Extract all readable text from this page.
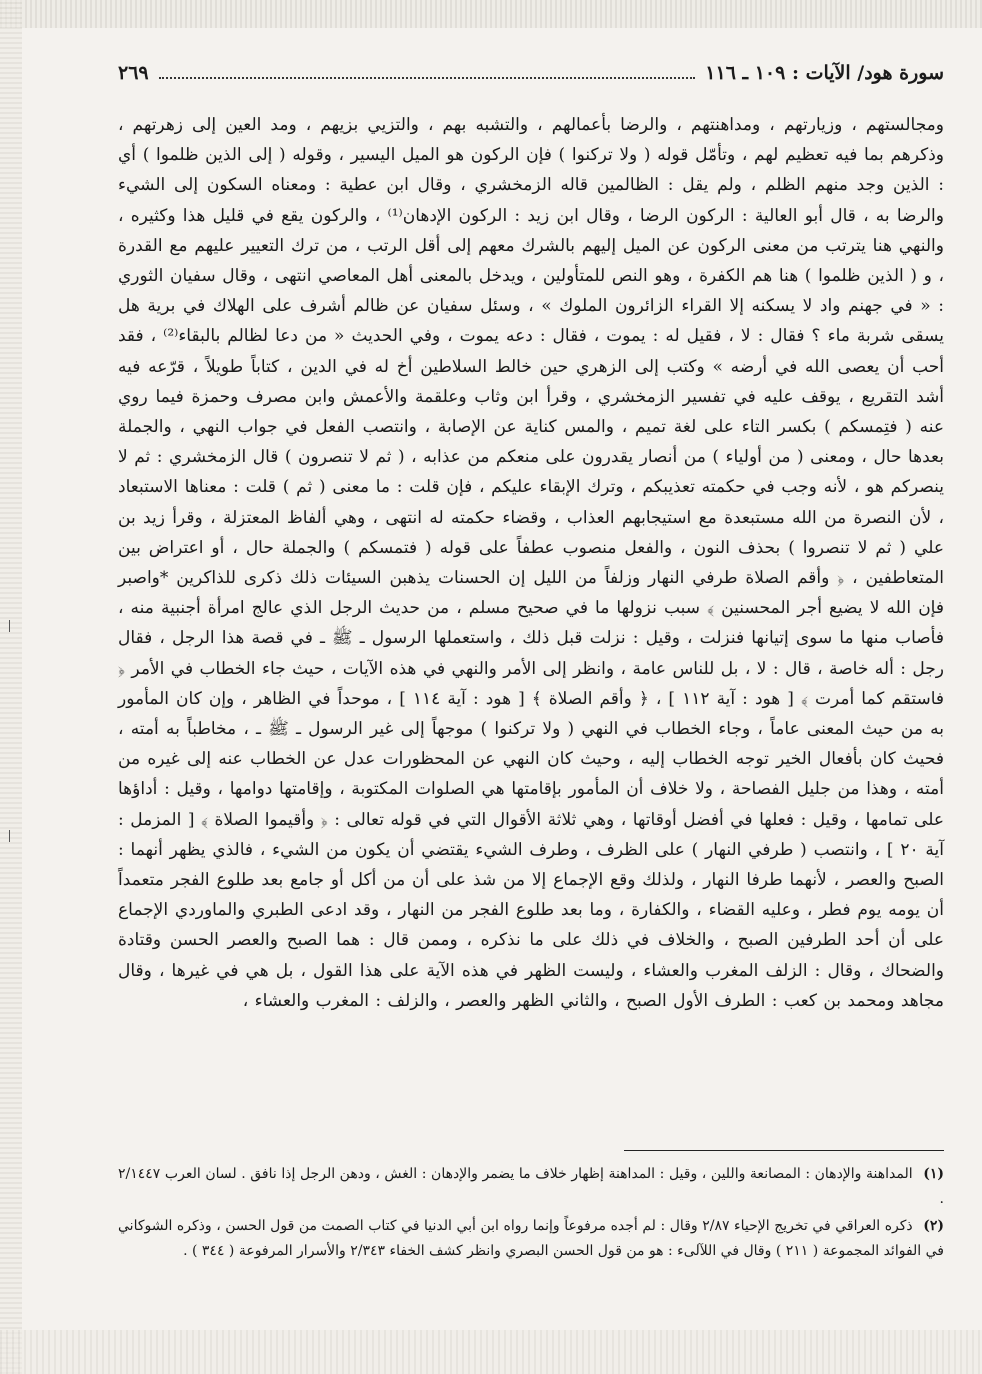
سورة هود/ الآيات : ١٠٩ ـ ١١٦
٢٦٩

ومجالستهم ، وزيارتهم ، ومداهنتهم ، والرضا بأعمالهم ، والتشبه بهم ، والتزيي بزيهم ، ومد العين إلى زهرتهم ، وذكرهم بما فيه تعظيم لهم ، وتأمّل قوله ( ولا تركنوا ) فإن الركون هو الميل اليسير ، وقوله ( إلى الذين ظلموا ) أي : الذين وجد منهم الظلم ، ولم يقل : الظالمين قاله الزمخشري ، وقال ابن عطية : ومعناه السكون إلى الشيء والرضا به ، قال أبو العالية : الركون الرضا ، وقال ابن زيد : الركون الإدهان⁽¹⁾ ، والركون يقع في قليل هذا وكثيره ، والنهي هنا يترتب من معنى الركون عن الميل إليهم بالشرك معهم إلى أقل الرتب ، من ترك التعيير عليهم مع القدرة ، و ( الذين ظلموا ) هنا هم الكفرة ، وهو النص للمتأولين ، ويدخل بالمعنى أهل المعاصي انتهى ، وقال سفيان الثوري : « في جهنم واد لا يسكنه إلا القراء الزائرون الملوك » ، وسئل سفيان عن ظالم أشرف على الهلاك في برية هل يسقى شربة ماء ؟ فقال : لا ، فقيل له : يموت ، فقال : دعه يموت ، وفي الحديث « من دعا لظالم بالبقاء⁽²⁾ ، فقد أحب أن يعصى الله في أرضه » وكتب إلى الزهري حين خالط السلاطين أخ له في الدين ، كتاباً طويلاً ، قرّعه فيه أشد التقريع ، يوقف عليه في تفسير الزمخشري ، وقرأ ابن وثاب وعلقمة والأعمش وابن مصرف وحمزة فيما روي عنه ( فتِمسكم ) بكسر التاء على لغة تميم ، والمس كناية عن الإصابة ، وانتصب الفعل في جواب النهي ، والجملة بعدها حال ، ومعنى ( من أولياء ) من أنصار يقدرون على منعكم من عذابه ، ( ثم لا تنصرون ) قال الزمخشري : ثم لا ينصركم هو ، لأنه وجب في حكمته تعذيبكم ، وترك الإبقاء عليكم ، فإن قلت : ما معنى ( ثم ) قلت : معناها الاستبعاد ، لأن النصرة من الله مستبعدة مع استيجابهم العذاب ، وقضاء حكمته له انتهى ، وهي ألفاظ المعتزلة ، وقرأ زيد بن علي ( ثم لا تنصروا ) بحذف النون ، والفعل منصوب عطفاً على قوله ( فتمسكم ) والجملة حال ، أو اعتراض بين المتعاطفين ، ﴿ وأقم الصلاة طرفي النهار وزلفاً من الليل إن الحسنات يذهبن السيئات ذلك ذكرى للذاكرين *واصبر فإن الله لا يضيع أجر المحسنين ﴾ سبب نزولها ما في صحيح مسلم ، من حديث الرجل الذي عالج امرأة أجنبية منه ، فأصاب منها ما سوى إتيانها فنزلت ، وقيل : نزلت قبل ذلك ، واستعملها الرسول ـ ﷺ ـ في قصة هذا الرجل ، فقال رجل : أله خاصة ، قال : لا ، بل للناس عامة ، وانظر إلى الأمر والنهي في هذه الآيات ، حيث جاء الخطاب في الأمر ﴿ فاستقم كما أمرت ﴾ [ هود : آية ١١٢ ] ، ﴿ وأقم الصلاة ﴾ [ هود : آية ١١٤ ] ، موحداً في الظاهر ، وإن كان المأمور به من حيث المعنى عاماً ، وجاء الخطاب في النهي ( ولا تركنوا ) موجهاً إلى غير الرسول ـ ﷺ ـ ، مخاطباً به أمته ، فحيث كان بأفعال الخير توجه الخطاب إليه ، وحيث كان النهي عن المحظورات عدل عن الخطاب عنه إلى غيره من أمته ، وهذا من جليل الفصاحة ، ولا خلاف أن المأمور بإقامتها هي الصلوات المكتوبة ، وإقامتها دوامها ، وقيل : أداؤها على تمامها ، وقيل : فعلها في أفضل أوقاتها ، وهي ثلاثة الأقوال التي في قوله تعالى : ﴿ وأقيموا الصلاة ﴾ [ المزمل : آية ٢٠ ] ، وانتصب ( طرفي النهار ) على الظرف ، وطرف الشيء يقتضي أن يكون من الشيء ، فالذي يظهر أنهما : الصبح والعصر ، لأنهما طرفا النهار ، ولذلك وقع الإجماع إلا من شذ على أن من أكل أو جامع بعد طلوع الفجر متعمداً أن يومه يوم فطر ، وعليه القضاء ، والكفارة ، وما بعد طلوع الفجر من النهار ، وقد ادعى الطبري والماوردي الإجماع على أن أحد الطرفين الصبح ، والخلاف في ذلك على ما نذكره ، وممن قال : هما الصبح والعصر الحسن وقتادة والضحاك ، وقال : الزلف المغرب والعشاء ، وليست الظهر في هذه الآية على هذا القول ، بل هي في غيرها ، وقال مجاهد ومحمد بن كعب : الطرف الأول الصبح ، والثاني الظهر والعصر ، والزلف : المغرب والعشاء ،

(١) المداهنة والإدهان : المصانعة واللين ، وقيل : المداهنة إظهار خلاف ما يضمر والإدهان : الغش ، ودهن الرجل إذا نافق . لسان العرب ٢/١٤٤٧ .

(٢) ذكره العراقي في تخريج الإحياء ٢/٨٧ وقال : لم أجده مرفوعاً وإنما رواه ابن أبي الدنيا في كتاب الصمت من قول الحسن ، وذكره الشوكاني في الفوائد المجموعة ( ٢١١ ) وقال في اللآلىء : هو من قول الحسن البصري وانظر كشف الخفاء ٢/٣٤٣ والأسرار المرفوعة ( ٣٤٤ ) .
